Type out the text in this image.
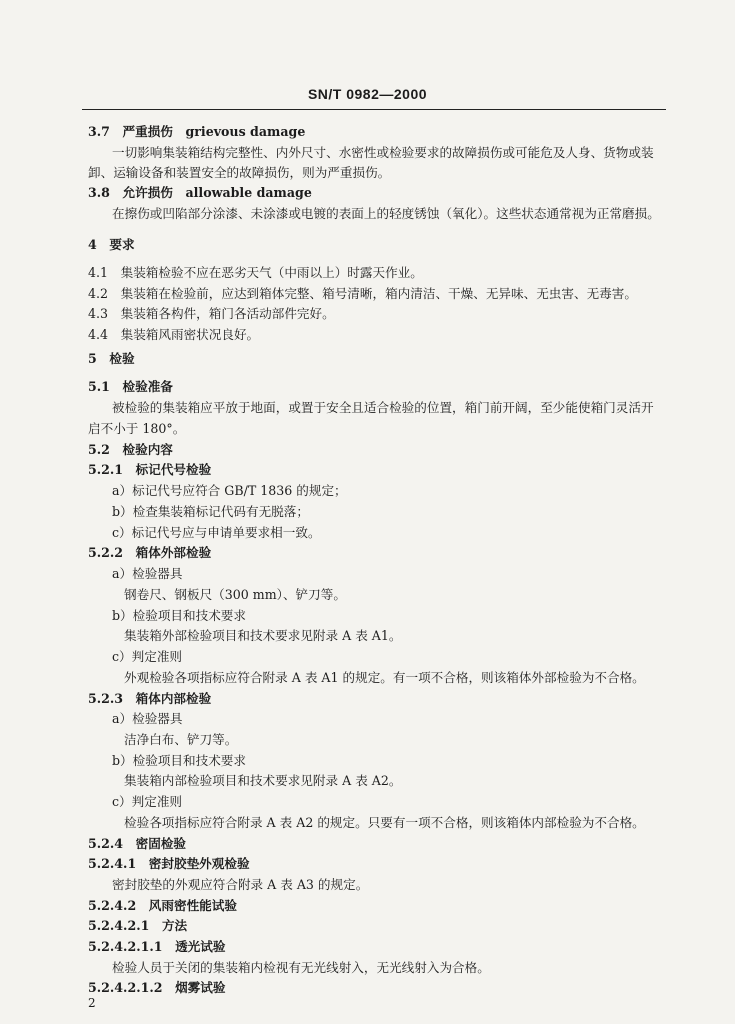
SN/T 0982—2000
3.7　严重损伤　grievous damage
一切影响集装箱结构完整性、内外尺寸、水密性或检验要求的故障损伤或可能危及人身、货物或装
卸、运输设备和装置安全的故障损伤，则为严重损伤。
3.8　允许损伤　allowable damage
在擦伤或凹陷部分涂漆、未涂漆或电镀的表面上的轻度锈蚀（氧化）。这些状态通常视为正常磨损。
4　要求
4.1　集装箱检验不应在恶劣天气（中雨以上）时露天作业。
4.2　集装箱在检验前，应达到箱体完整、箱号清晰，箱内清洁、干燥、无异味、无虫害、无毒害。
4.3　集装箱各构件，箱门各活动部件完好。
4.4　集装箱风雨密状况良好。
5　检验
5.1　检验准备
被检验的集装箱应平放于地面，或置于安全且适合检验的位置，箱门前开阔，至少能使箱门灵活开
启不小于 180°。
5.2　检验内容
5.2.1　标记代号检验
a）标记代号应符合 GB/T 1836 的规定；
b）检查集装箱标记代码有无脱落；
c）标记代号应与申请单要求相一致。
5.2.2　箱体外部检验
a）检验器具
钢卷尺、钢板尺（300 mm）、铲刀等。
b）检验项目和技术要求
集装箱外部检验项目和技术要求见附录 A 表 A1。
c）判定准则
外观检验各项指标应符合附录 A 表 A1 的规定。有一项不合格，则该箱体外部检验为不合格。
5.2.3　箱体内部检验
a）检验器具
洁净白布、铲刀等。
b）检验项目和技术要求
集装箱内部检验项目和技术要求见附录 A 表 A2。
c）判定准则
检验各项指标应符合附录 A 表 A2 的规定。只要有一项不合格，则该箱体内部检验为不合格。
5.2.4　密固检验
5.2.4.1　密封胶垫外观检验
密封胶垫的外观应符合附录 A 表 A3 的规定。
5.2.4.2　风雨密性能试验
5.2.4.2.1　方法
5.2.4.2.1.1　透光试验
检验人员于关闭的集装箱内检视有无光线射入，无光线射入为合格。
5.2.4.2.1.2　烟雾试验
2
